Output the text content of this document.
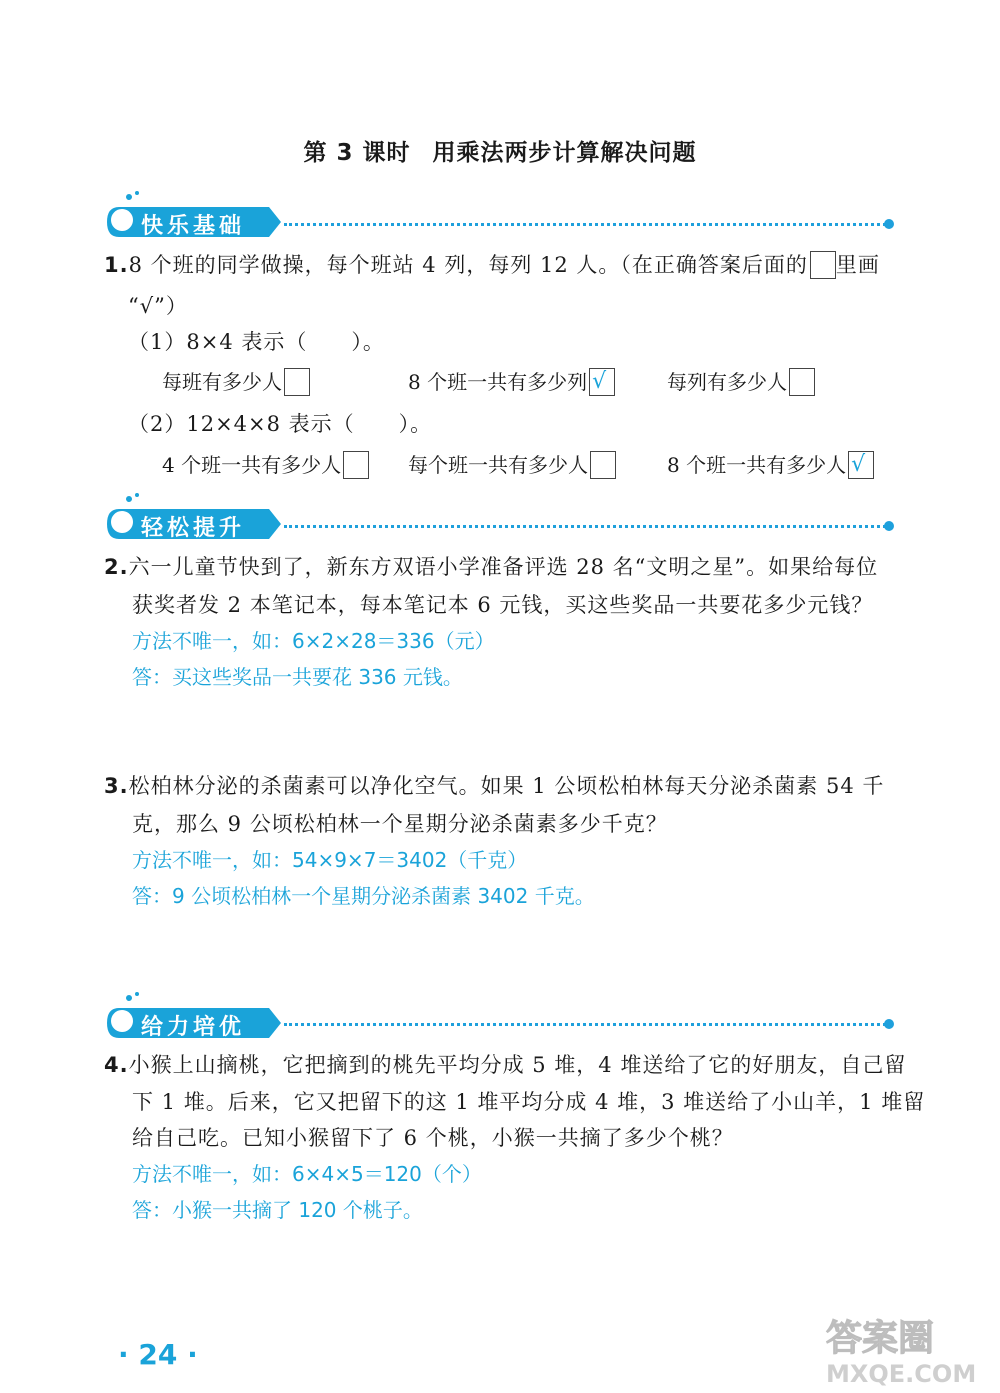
第 3 课时 用乘法两步计算解决问题
快乐基础
1.8 个班的同学做操，每个班站 4 列，每列 12 人。（在正确答案后面的 里画
“√”）
（1）8×4 表示（　　）。
每班有多少人	8 个班一共有多少列 √	每列有多少人
（2）12×4×8 表示（　　）。
4 个班一共有多少人	每个班一共有多少人	8 个班一共有多少人 √
轻松提升
2.六一儿童节快到了，新东方双语小学准备评选 28 名“文明之星”。如果给每位
获奖者发 2 本笔记本，每本笔记本 6 元钱，买这些奖品一共要花多少元钱？
方法不唯一，如：6×2×28＝336（元）
答：买这些奖品一共要花 336 元钱。
3.松柏林分泌的杀菌素可以净化空气。如果 1 公顷松柏林每天分泌杀菌素 54 千
克，那么 9 公顷松柏林一个星期分泌杀菌素多少千克？
方法不唯一，如：54×9×7＝3402（千克）
答：9 公顷松柏林一个星期分泌杀菌素 3402 千克。
给力培优
4.小猴上山摘桃，它把摘到的桃先平均分成 5 堆，4 堆送给了它的好朋友，自己留
下 1 堆。后来，它又把留下的这 1 堆平均分成 4 堆，3 堆送给了小山羊，1 堆留
给自己吃。已知小猴留下了 6 个桃，小猴一共摘了多少个桃？
方法不唯一，如：6×4×5＝120（个）
答：小猴一共摘了 120 个桃子。
· 24 ·	答案圈
MXQE.COM
